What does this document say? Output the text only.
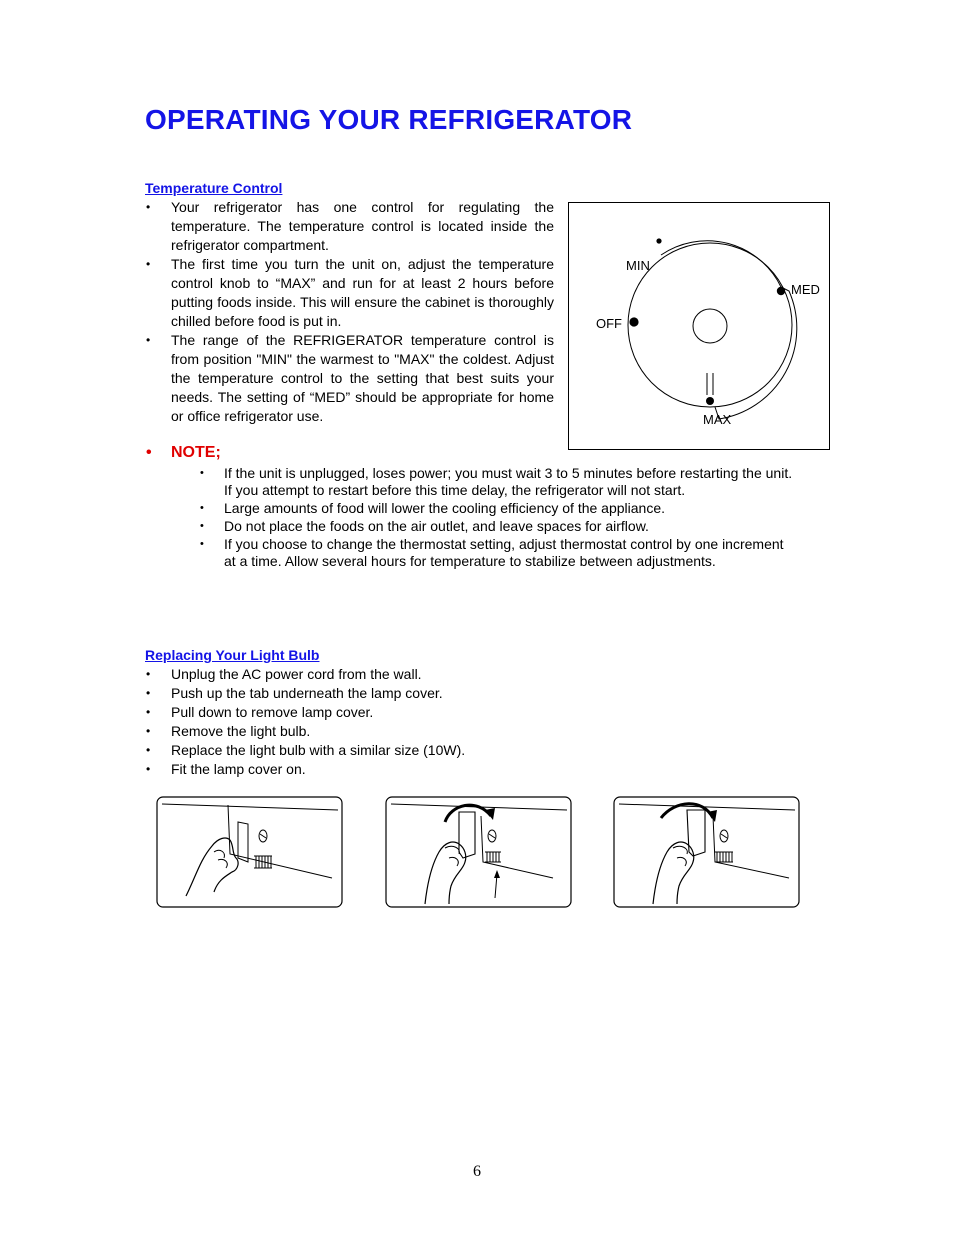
OPERATING YOUR REFRIGERATOR
Temperature Control
• Your refrigerator has one control for regulating the temperature. The temperature control is located inside the refrigerator compartment.
• The first time you turn the unit on, adjust the temperature control knob to “MAX” and run for at least 2 hours before putting foods inside. This will ensure the cabinet is thoroughly chilled before food is put in.
• The range of the REFRIGERATOR temperature control is from position "MIN" the warmest to "MAX" the coldest. Adjust the temperature control to the setting that best suits your needs. The setting of “MED” should be appropriate for home or office refrigerator use.
MIN
MED
OFF
MAX
• NOTE;
• If the unit is unplugged, loses power; you must wait 3 to 5 minutes before restarting the unit. If you attempt to restart before this time delay, the refrigerator will not start.
• Large amounts of food will lower the cooling efficiency of the appliance.
• Do not place the foods on the air outlet, and leave spaces for airflow.
• If you choose to change the thermostat setting, adjust thermostat control by one increment at a time. Allow several hours for temperature to stabilize between adjustments.
Replacing Your Light Bulb
• Unplug the AC power cord from the wall.
• Push up the tab underneath the lamp cover.
• Pull down to remove lamp cover.
• Remove the light bulb.
• Replace the light bulb with a similar size (10W).
• Fit the lamp cover on.
6
